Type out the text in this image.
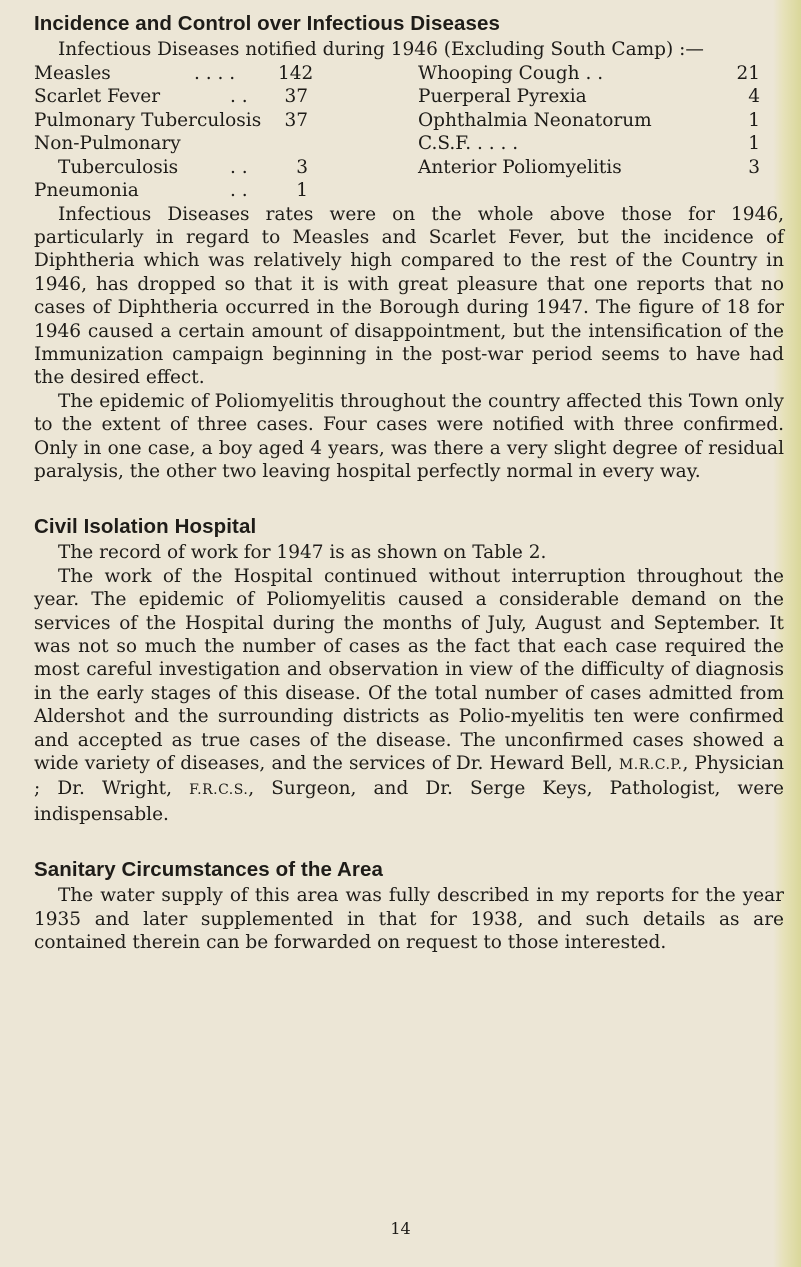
Incidence and Control over Infectious Diseases

Infectious Diseases notified during 1946 (Excluding South Camp) :—

Measles	. . . . 142
Scarlet Fever	. .	37
Pulmonary Tuberculosis	37
Non-Pulmonary
Tuberculosis	. .	3
Pneumonia	. .	1
Whooping Cough . .	21
Puerperal Pyrexia	4
Ophthalmia Neonatorum	1
C.S.F. . . . .	1
Anterior Poliomyelitis	3

Infectious Diseases rates were on the whole above those for 1946, particularly in regard to Measles and Scarlet Fever, but the incidence of Diphtheria which was relatively high compared to the rest of the Country in 1946, has dropped so that it is with great pleasure that one reports that no cases of Diphtheria occurred in the Borough during 1947. The figure of 18 for 1946 caused a certain amount of disappointment, but the intensification of the Immunization campaign beginning in the post-war period seems to have had the desired effect.

The epidemic of Poliomyelitis throughout the country affected this Town only to the extent of three cases. Four cases were notified with three confirmed. Only in one case, a boy aged 4 years, was there a very slight degree of residual paralysis, the other two leaving hospital perfectly normal in every way.

Civil Isolation Hospital

The record of work for 1947 is as shown on Table 2.

The work of the Hospital continued without interruption throughout the year. The epidemic of Poliomyelitis caused a considerable demand on the services of the Hospital during the months of July, August and September. It was not so much the number of cases as the fact that each case required the most careful investigation and observation in view of the difficulty of diagnosis in the early stages of this disease. Of the total number of cases admitted from Aldershot and the surrounding districts as Polio-myelitis ten were confirmed and accepted as true cases of the disease. The unconfirmed cases showed a wide variety of diseases, and the services of Dr. Heward Bell, M.R.C.P., Physician ; Dr. Wright, F.R.C.S., Surgeon, and Dr. Serge Keys, Pathologist, were indispensable.

Sanitary Circumstances of the Area

The water supply of this area was fully described in my reports for the year 1935 and later supplemented in that for 1938, and such details as are contained therein can be forwarded on request to those interested.

14
